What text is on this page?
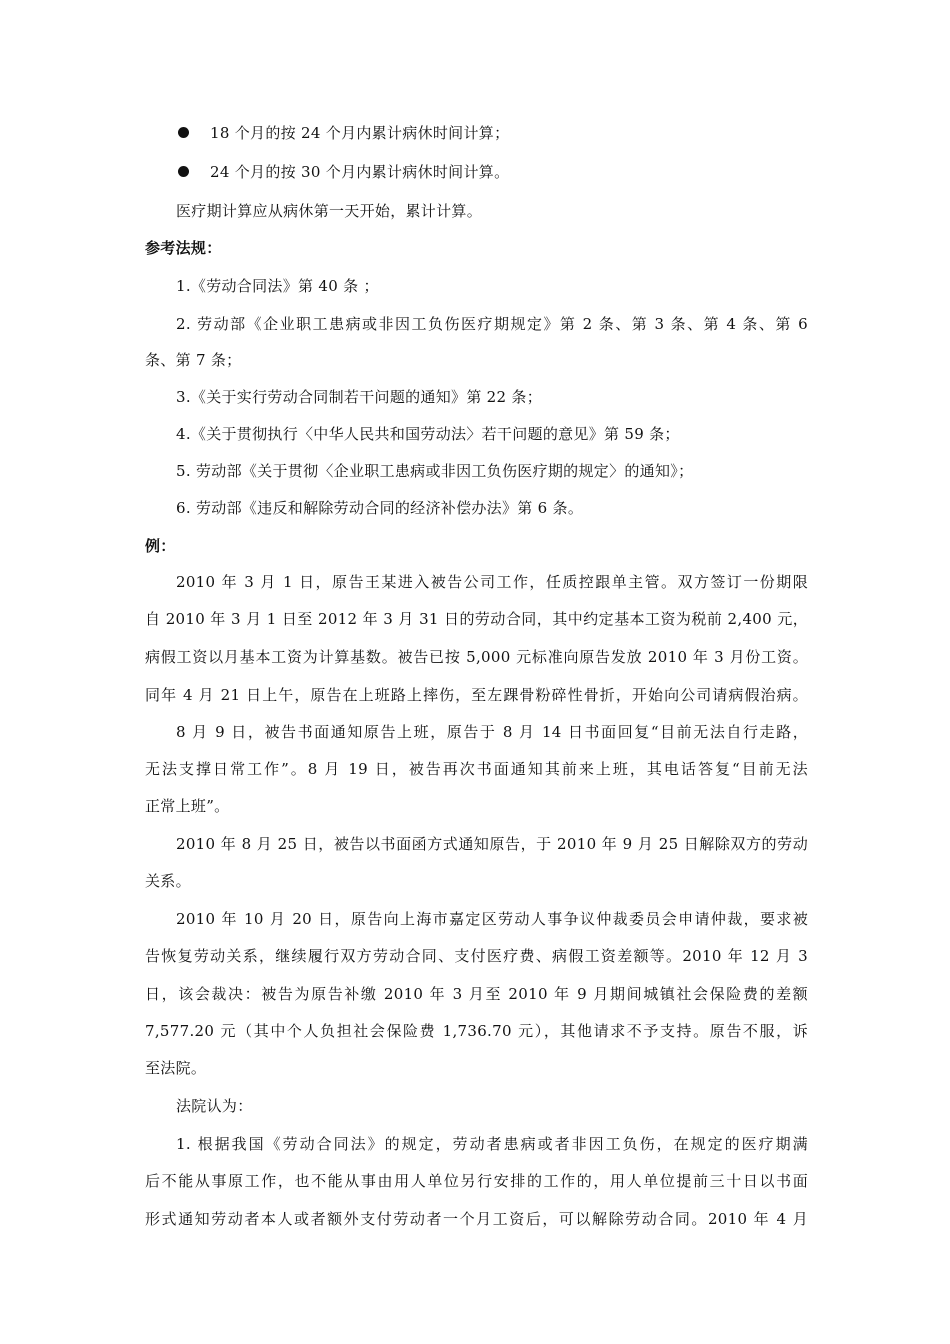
18 个月的按 24 个月内累计病休时间计算；
24 个月的按 30 个月内累计病休时间计算。
医疗期计算应从病休第一天开始，累计计算。
参考法规：
1.《劳动合同法》第 40 条 ；
2. 劳动部《企业职工患病或非因工负伤医疗期规定》第 2 条、第 3 条、第 4 条、第 6
条、第 7 条；
3.《关于实行劳动合同制若干问题的通知》第 22 条；
4.《关于贯彻执行〈中华人民共和国劳动法〉若干问题的意见》第 59 条；
5. 劳动部《关于贯彻〈企业职工患病或非因工负伤医疗期的规定〉的通知》；
6. 劳动部《违反和解除劳动合同的经济补偿办法》第 6 条。
例：
2010 年 3 月 1 日，原告王某进入被告公司工作，任质控跟单主管。双方签订一份期限
自 2010 年 3 月 1 日至 2012 年 3 月 31 日的劳动合同，其中约定基本工资为税前 2,400 元，
病假工资以月基本工资为计算基数。被告已按 5,000 元标准向原告发放 2010 年 3 月份工资。
同年 4 月 21 日上午，原告在上班路上摔伤，至左踝骨粉碎性骨折，开始向公司请病假治病。
8 月 9 日，被告书面通知原告上班，原告于 8 月 14 日书面回复“目前无法自行走路，
无法支撑日常工作”。8 月 19 日，被告再次书面通知其前来上班，其电话答复“目前无法
正常上班”。
2010 年 8 月 25 日，被告以书面函方式通知原告，于 2010 年 9 月 25 日解除双方的劳动
关系。
2010 年 10 月 20 日，原告向上海市嘉定区劳动人事争议仲裁委员会申请仲裁，要求被
告恢复劳动关系，继续履行双方劳动合同、支付医疗费、病假工资差额等。2010 年 12 月 3
日，该会裁决：被告为原告补缴 2010 年 3 月至 2010 年 9 月期间城镇社会保险费的差额
7,577.20 元（其中个人负担社会保险费 1,736.70 元），其他请求不予支持。原告不服，诉
至法院。
法院认为：
1. 根据我国《劳动合同法》的规定，劳动者患病或者非因工负伤，在规定的医疗期满
后不能从事原工作，也不能从事由用人单位另行安排的工作的，用人单位提前三十日以书面
形式通知劳动者本人或者额外支付劳动者一个月工资后，可以解除劳动合同。2010 年 4 月
